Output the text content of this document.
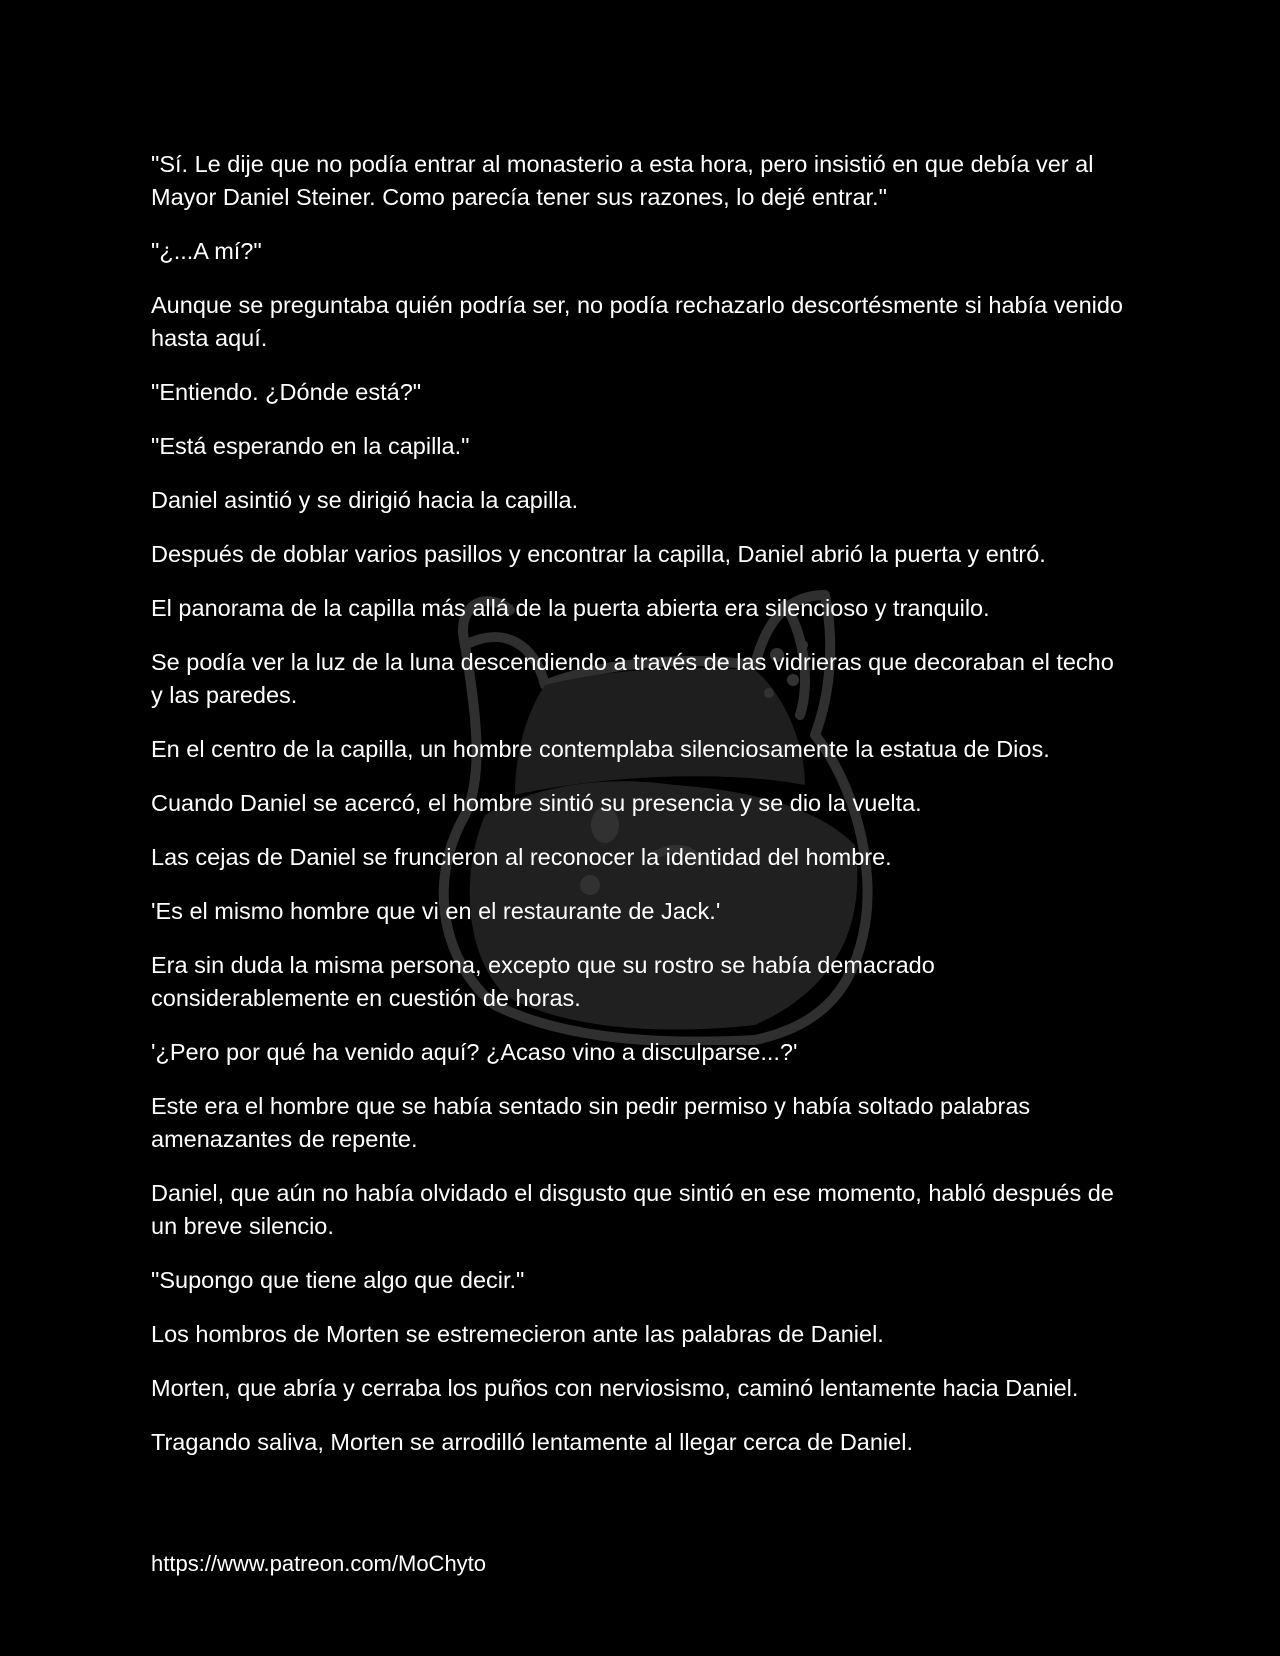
"Sí. Le dije que no podía entrar al monasterio a esta hora, pero insistió en que debía ver al Mayor Daniel Steiner. Como parecía tener sus razones, lo dejé entrar."

"¿...A mí?"

Aunque se preguntaba quién podría ser, no podía rechazarlo descortésmente si había venido hasta aquí.

"Entiendo. ¿Dónde está?"

"Está esperando en la capilla."

Daniel asintió y se dirigió hacia la capilla.

Después de doblar varios pasillos y encontrar la capilla, Daniel abrió la puerta y entró.

El panorama de la capilla más allá de la puerta abierta era silencioso y tranquilo.

Se podía ver la luz de la luna descendiendo a través de las vidrieras que decoraban el techo y las paredes.

En el centro de la capilla, un hombre contemplaba silenciosamente la estatua de Dios.

Cuando Daniel se acercó, el hombre sintió su presencia y se dio la vuelta.

Las cejas de Daniel se fruncieron al reconocer la identidad del hombre.

'Es el mismo hombre que vi en el restaurante de Jack.'

Era sin duda la misma persona, excepto que su rostro se había demacrado considerablemente en cuestión de horas.

'¿Pero por qué ha venido aquí? ¿Acaso vino a disculparse...?'

Este era el hombre que se había sentado sin pedir permiso y había soltado palabras amenazantes de repente.

Daniel, que aún no había olvidado el disgusto que sintió en ese momento, habló después de un breve silencio.

"Supongo que tiene algo que decir."

Los hombros de Morten se estremecieron ante las palabras de Daniel.

Morten, que abría y cerraba los puños con nerviosismo, caminó lentamente hacia Daniel.

Tragando saliva, Morten se arrodilló lentamente al llegar cerca de Daniel.

https://www.patreon.com/MoChyto
